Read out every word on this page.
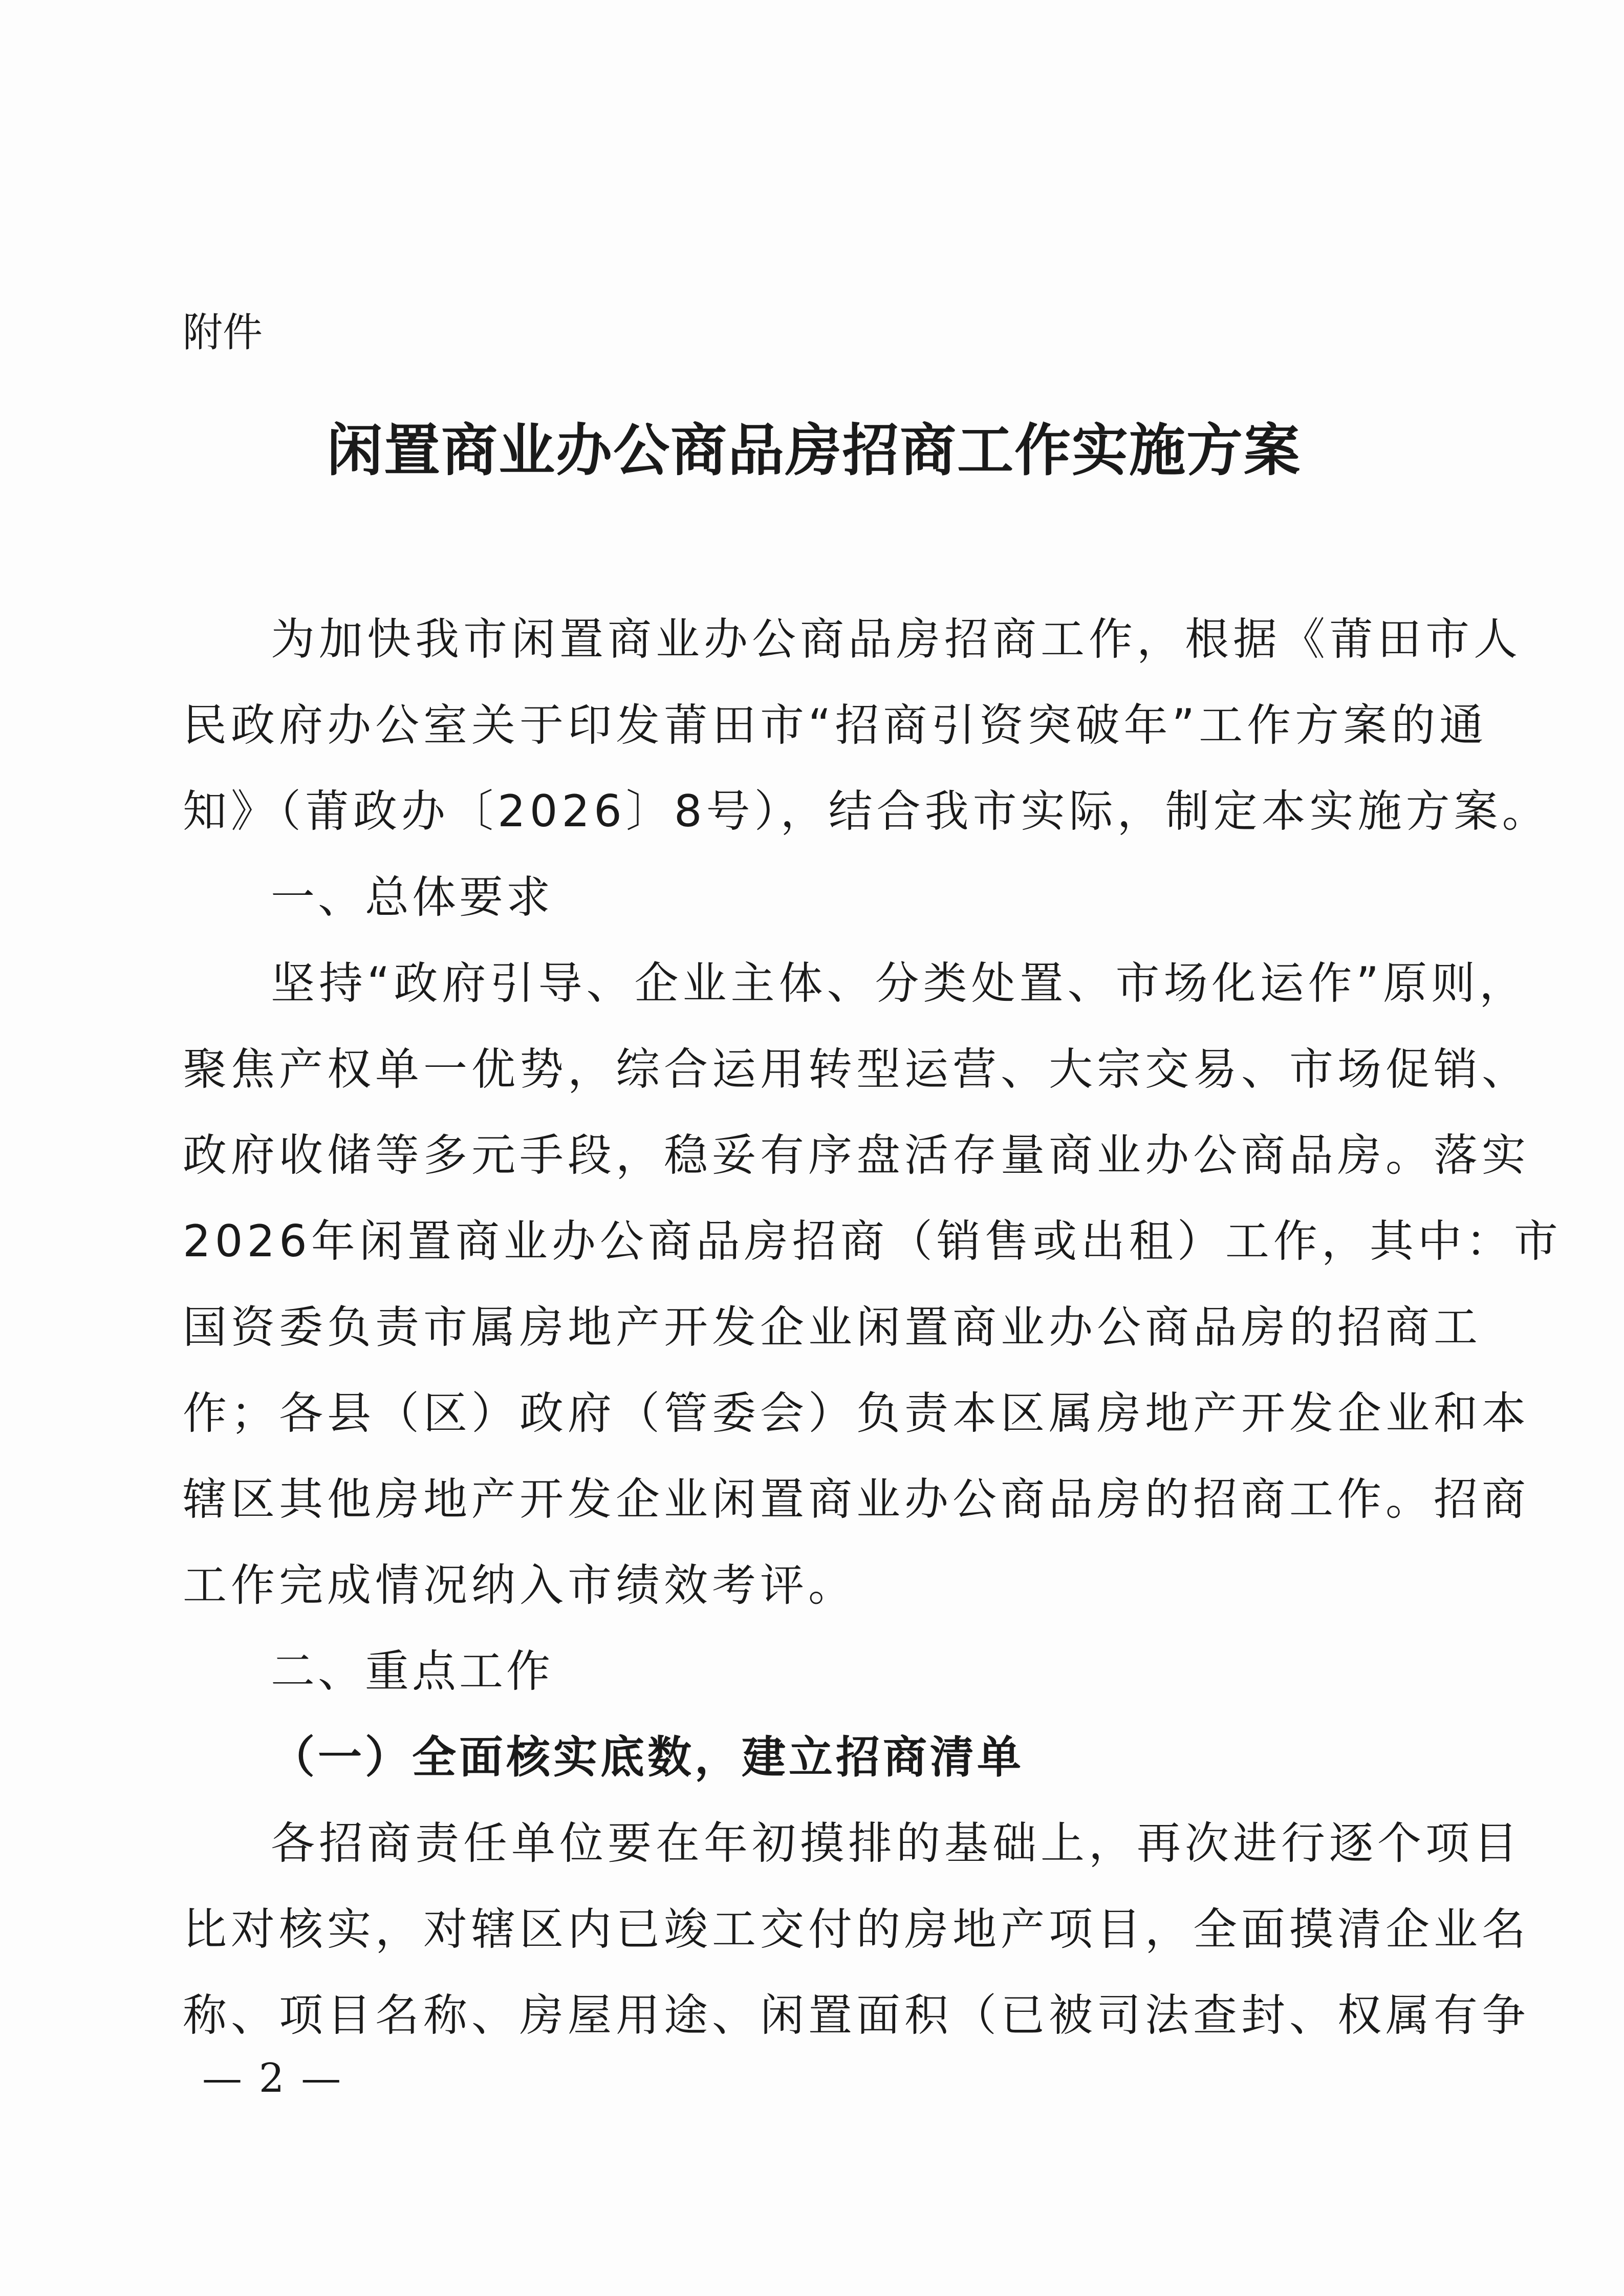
附件

闲置商业办公商品房招商工作实施方案

为加快我市闲置商业办公商品房招商工作，根据《莆田市人

民政府办公室关于印发莆田市“招商引资突破年”工作方案的通

知》（莆政办〔2026〕8号），结合我市实际，制定本实施方案。

一、总体要求

坚持“政府引导、企业主体、分类处置、市场化运作”原则，

聚焦产权单一优势，综合运用转型运营、大宗交易、市场促销、

政府收储等多元手段，稳妥有序盘活存量商业办公商品房。落实

2026年闲置商业办公商品房招商（销售或出租）工作，其中：市

国资委负责市属房地产开发企业闲置商业办公商品房的招商工

作；各县（区）政府（管委会）负责本区属房地产开发企业和本

辖区其他房地产开发企业闲置商业办公商品房的招商工作。招商

工作完成情况纳入市绩效考评。

二、重点工作
（一）全面核实底数，建立招商清单

各招商责任单位要在年初摸排的基础上，再次进行逐个项目

比对核实，对辖区内已竣工交付的房地产项目，全面摸清企业名

称、项目名称、房屋用途、闲置面积（已被司法查封、权属有争

— 2 —
